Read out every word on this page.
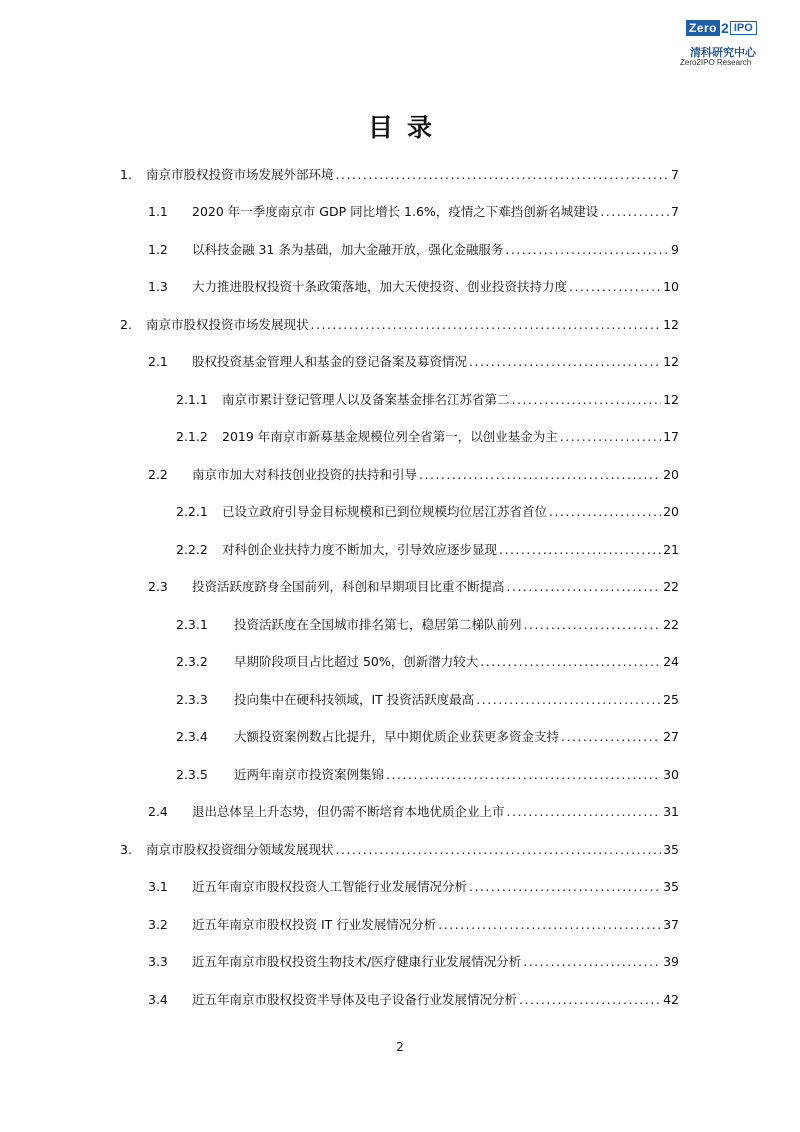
Zero 2 IPO
清科研究中心
Zero2IPO Research
目录
1.	南京市股权投资市场发展外部环境 .....	7
1.1	2020 年一季度南京市 GDP 同比增长 1.6%，疫情之下难挡创新名城建设 .....	7
1.2	以科技金融 31 条为基础，加大金融开放，强化金融服务 .....	9
1.3	大力推进股权投资十条政策落地，加大天使投资、创业投资扶持力度 .....	10
2.	南京市股权投资市场发展现状 .....	12
2.1	股权投资基金管理人和基金的登记备案及募资情况 .....	12
2.1.1	南京市累计登记管理人以及备案基金排名江苏省第二 .....	12
2.1.2	2019 年南京市新募基金规模位列全省第一，以创业基金为主 .....	17
2.2	南京市加大对科技创业投资的扶持和引导 .....	20
2.2.1	已设立政府引导金目标规模和已到位规模均位居江苏省首位 .....	20
2.2.2	对科创企业扶持力度不断加大，引导效应逐步显现 .....	21
2.3	投资活跃度跻身全国前列，科创和早期项目比重不断提高 .....	22
2.3.1	投资活跃度在全国城市排名第七，稳居第二梯队前列 .....	22
2.3.2	早期阶段项目占比超过 50%，创新潜力较大 .....	24
2.3.3	投向集中在硬科技领域，IT 投资活跃度最高 .....	25
2.3.4	大额投资案例数占比提升，早中期优质企业获更多资金支持 .....	27
2.3.5	近两年南京市投资案例集锦 .....	30
2.4	退出总体呈上升态势，但仍需不断培育本地优质企业上市 .....	31
3.	南京市股权投资细分领域发展现状 .....	35
3.1	近五年南京市股权投资人工智能行业发展情况分析 .....	35
3.2	近五年南京市股权投资 IT 行业发展情况分析 .....	37
3.3	近五年南京市股权投资生物技术/医疗健康行业发展情况分析 .....	39
3.4	近五年南京市股权投资半导体及电子设备行业发展情况分析 .....	42
2
